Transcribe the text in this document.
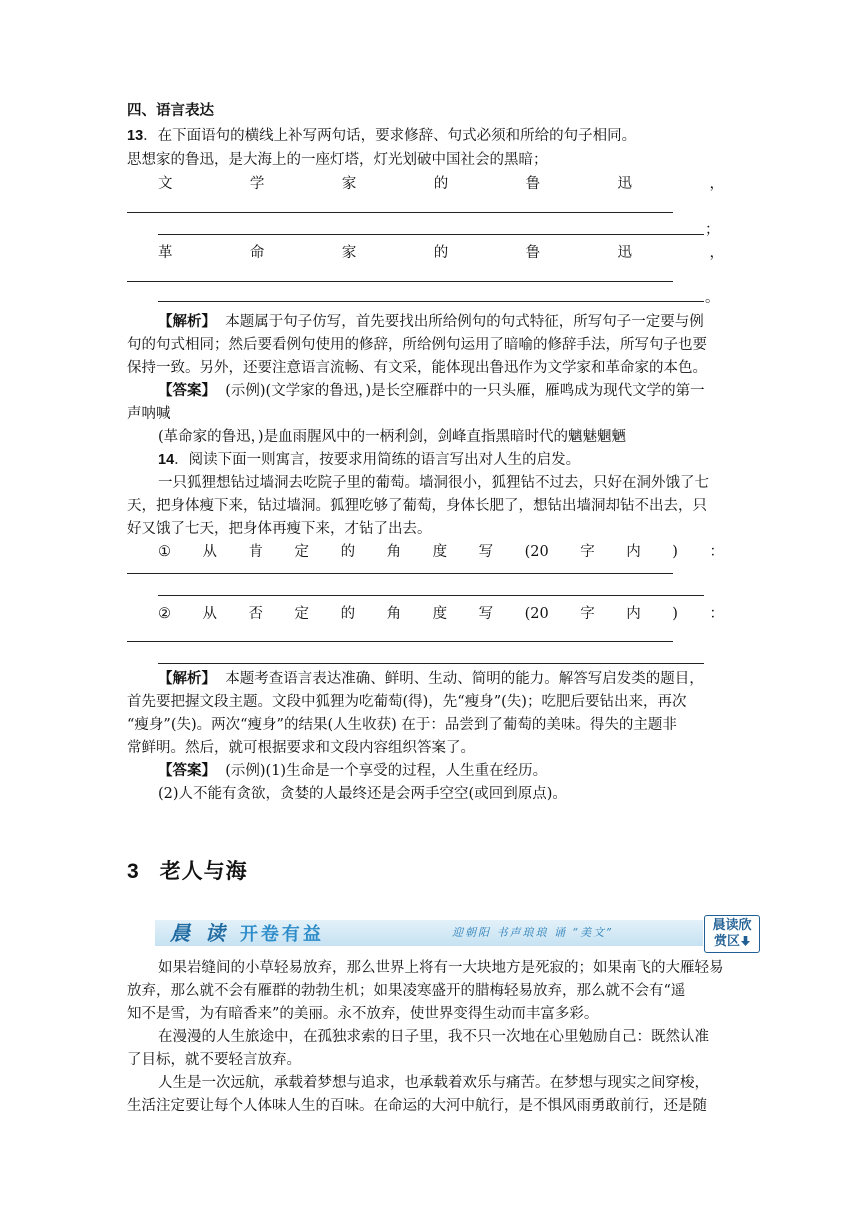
四、语言表达
13．在下面语句的横线上补写两句话，要求修辞、句式必须和所给的句子相同。
思想家的鲁迅，是大海上的一座灯塔，灯光划破中国社会的黑暗；
文	学	家	的	鲁	迅	，
；
革	命	家	的	鲁	迅	，
。
【解析】 本题属于句子仿写，首先要找出所给例句的句式特征，所写句子一定要与例
句的句式相同；然后要看例句使用的修辞，所给例句运用了暗喻的修辞手法，所写句子也要
保持一致。另外，还要注意语言流畅、有文采，能体现出鲁迅作为文学家和革命家的本色。
【答案】 (示例)(文学家的鲁迅，)是长空雁群中的一只头雁，雁鸣成为现代文学的第一
声呐喊
(革命家的鲁迅，)是血雨腥风中的一柄利剑，剑峰直指黑暗时代的魑魅魍魉
14．阅读下面一则寓言，按要求用简练的语言写出对人生的启发。
一只狐狸想钻过墙洞去吃院子里的葡萄。墙洞很小，狐狸钻不过去，只好在洞外饿了七
天，把身体瘦下来，钻过墙洞。狐狸吃够了葡萄，身体长肥了，想钻出墙洞却钻不出去，只
好又饿了七天，把身体再瘦下来，才钻了出去。
① 从 肯 定 的 角 度 写 (20 字 内 ) ：
② 从 否 定 的 角 度 写 (20 字 内 ) ：
【解析】 本题考查语言表达准确、鲜明、生动、简明的能力。解答写启发类的题目，
首先要把握文段主题。文段中狐狸为吃葡萄(得)，先“瘦身”(失)；吃肥后要钻出来，再次
“瘦身”(失)。两次“瘦身”的结果(人生收获) 在于：品尝到了葡萄的美味。得失的主题非
常鲜明。然后，就可根据要求和文段内容组织答案了。
【答案】 (示例)(1)生命是一个享受的过程，人生重在经历。
(2)人不能有贪欲，贪婪的人最终还是会两手空空(或回到原点)。
3 老人与海
晨 读 开卷有益	迎朝阳 书声琅琅 诵 “美文”	晨读欣
赏区
如果岩缝间的小草轻易放弃，那么世界上将有一大块地方是死寂的；如果南飞的大雁轻易
放弃，那么就不会有雁群的勃勃生机；如果凌寒盛开的腊梅轻易放弃，那么就不会有“遥
知不是雪，为有暗香来”的美丽。永不放弃，使世界变得生动而丰富多彩。
在漫漫的人生旅途中，在孤独求索的日子里，我不只一次地在心里勉励自己：既然认准
了目标，就不要轻言放弃。
人生是一次远航，承载着梦想与追求，也承载着欢乐与痛苦。在梦想与现实之间穿梭，
生活注定要让每个人体味人生的百味。在命运的大河中航行，是不惧风雨勇敢前行，还是随
